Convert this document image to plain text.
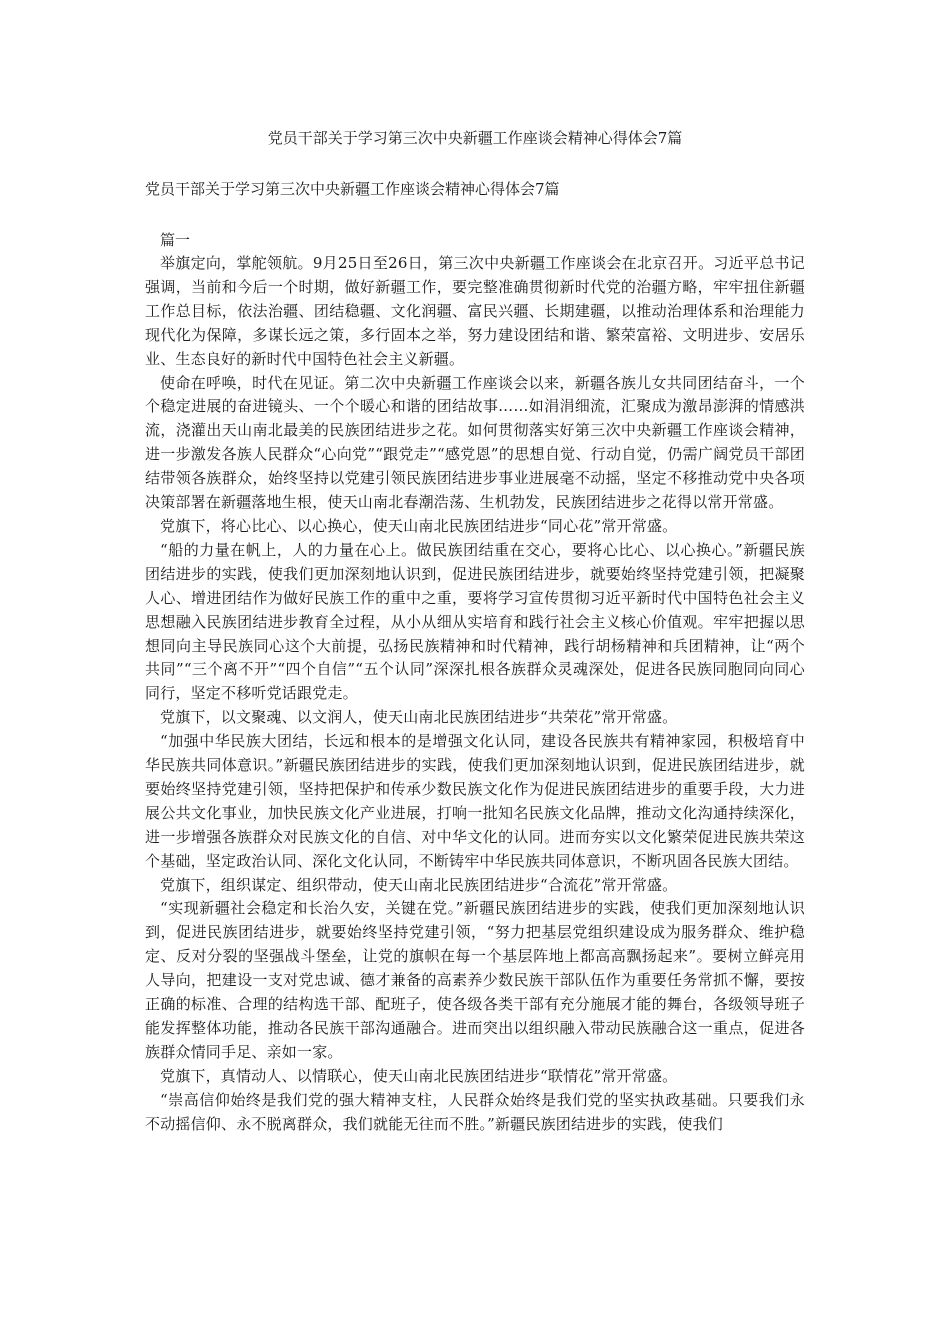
党员干部关于学习第三次中央新疆工作座谈会精神心得体会7篇
党员干部关于学习第三次中央新疆工作座谈会精神心得体会7篇
篇一

举旗定向，掌舵领航。9月25日至26日，第三次中央新疆工作座谈会在北京召开。习近平总书记强调，当前和今后一个时期，做好新疆工作，要完整准确贯彻新时代党的治疆方略，牢牢扭住新疆工作总目标，依法治疆、团结稳疆、文化润疆、富民兴疆、长期建疆，以推动治理体系和治理能力现代化为保障，多谋长远之策，多行固本之举，努力建设团结和谐、繁荣富裕、文明进步、安居乐业、生态良好的新时代中国特色社会主义新疆。

使命在呼唤，时代在见证。第二次中央新疆工作座谈会以来，新疆各族儿女共同团结奋斗，一个个稳定进展的奋进镜头、一个个暖心和谐的团结故事……如涓涓细流，汇聚成为激昂澎湃的情感洪流，浇灌出天山南北最美的民族团结进步之花。如何贯彻落实好第三次中央新疆工作座谈会精神，进一步激发各族人民群众“心向党”“跟党走”“感党恩”的思想自觉、行动自觉，仍需广阔党员干部团结带领各族群众，始终坚持以党建引领民族团结进步事业进展毫不动摇，坚定不移推动党中央各项决策部署在新疆落地生根，使天山南北春潮浩荡、生机勃发，民族团结进步之花得以常开常盛。

党旗下，将心比心、以心换心，使天山南北民族团结进步“同心花”常开常盛。

“船的力量在帆上，人的力量在心上。做民族团结重在交心，要将心比心、以心换心。”新疆民族团结进步的实践，使我们更加深刻地认识到，促进民族团结进步，就要始终坚持党建引领，把凝聚人心、增进团结作为做好民族工作的重中之重，要将学习宣传贯彻习近平新时代中国特色社会主义思想融入民族团结进步教育全过程，从小从细从实培育和践行社会主义核心价值观。牢牢把握以思想同向主导民族同心这个大前提，弘扬民族精神和时代精神，践行胡杨精神和兵团精神，让“两个共同”“三个离不开”“四个自信”“五个认同”深深扎根各族群众灵魂深处，促进各民族同胞同向同心同行，坚定不移听党话跟党走。

党旗下，以文聚魂、以文润人，使天山南北民族团结进步“共荣花”常开常盛。

“加强中华民族大团结，长远和根本的是增强文化认同，建设各民族共有精神家园，积极培育中华民族共同体意识。”新疆民族团结进步的实践，使我们更加深刻地认识到，促进民族团结进步，就要始终坚持党建引领，坚持把保护和传承少数民族文化作为促进民族团结进步的重要手段，大力进展公共文化事业，加快民族文化产业进展，打响一批知名民族文化品牌，推动文化沟通持续深化，进一步增强各族群众对民族文化的自信、对中华文化的认同。进而夯实以文化繁荣促进民族共荣这个基础，坚定政治认同、深化文化认同，不断铸牢中华民族共同体意识，不断巩固各民族大团结。

党旗下，组织谋定、组织带动，使天山南北民族团结进步“合流花”常开常盛。

“实现新疆社会稳定和长治久安，关键在党。”新疆民族团结进步的实践，使我们更加深刻地认识到，促进民族团结进步，就要始终坚持党建引领，“努力把基层党组织建设成为服务群众、维护稳定、反对分裂的坚强战斗堡垒，让党的旗帜在每一个基层阵地上都高高飘扬起来”。要树立鲜亮用人导向，把建设一支对党忠诚、德才兼备的高素养少数民族干部队伍作为重要任务常抓不懈，要按正确的标准、合理的结构选干部、配班子，使各级各类干部有充分施展才能的舞台，各级领导班子能发挥整体功能，推动各民族干部沟通融合。进而突出以组织融入带动民族融合这一重点，促进各族群众情同手足、亲如一家。

党旗下，真情动人、以情联心，使天山南北民族团结进步“联情花”常开常盛。

“崇高信仰始终是我们党的强大精神支柱，人民群众始终是我们党的坚实执政基础。只要我们永不动摇信仰、永不脱离群众，我们就能无往而不胜。”新疆民族团结进步的实践，使我们
